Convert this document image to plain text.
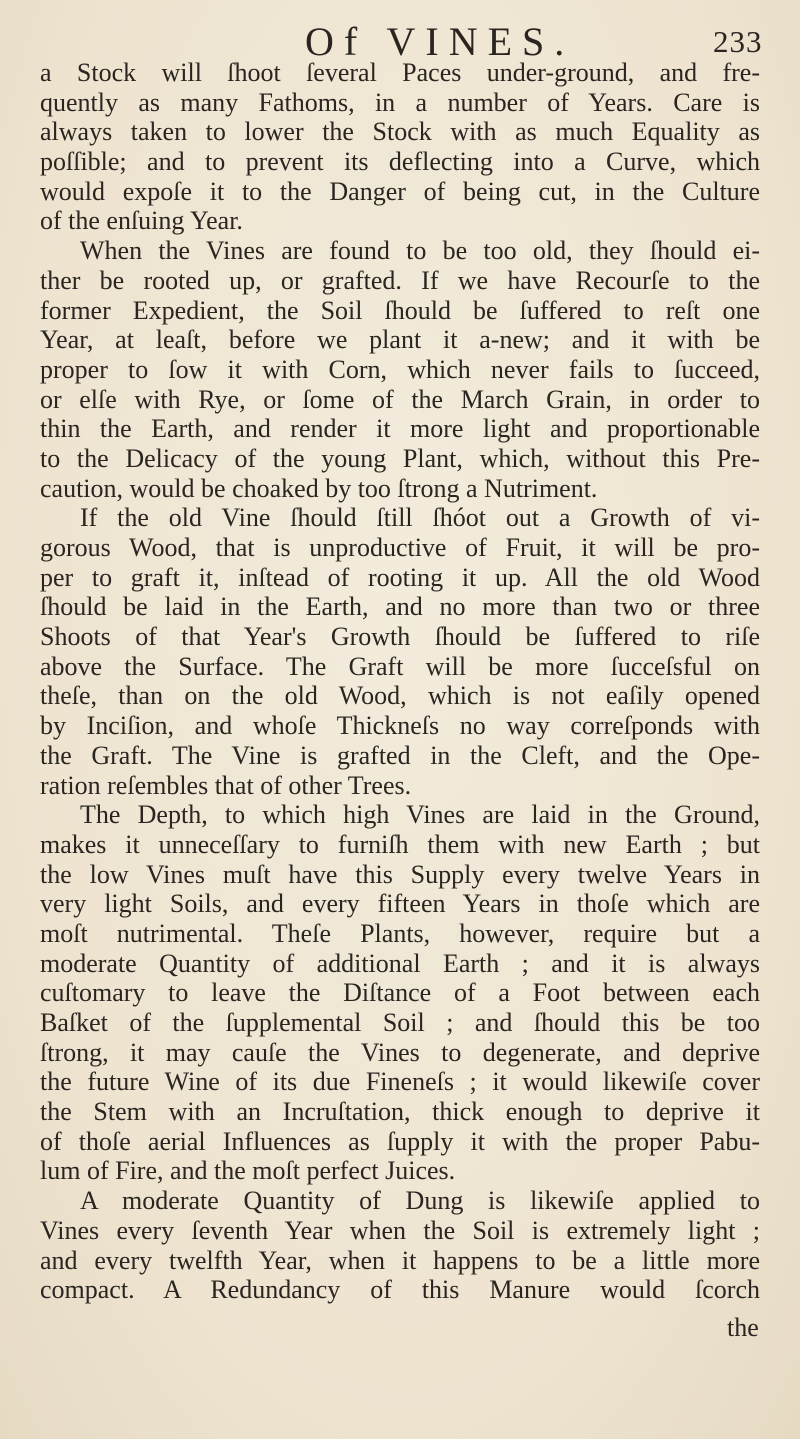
Of VINES.	233
a Stock will ſhoot ſeveral Paces under-ground, and fre-
quently as many Fathoms, in a number of Years. Care is
always taken to lower the Stock with as much Equality as
poſſible; and to prevent its deflecting into a Curve, which
would expoſe it to the Danger of being cut, in the Culture
of the enſuing Year.
When the Vines are found to be too old, they ſhould ei-
ther be rooted up, or grafted. If we have Recourſe to the
former Expedient, the Soil ſhould be ſuffered to reſt one
Year, at leaſt, before we plant it a-new; and it with be
proper to ſow it with Corn, which never fails to ſucceed,
or elſe with Rye, or ſome of the March Grain, in order to
thin the Earth, and render it more light and proportionable
to the Delicacy of the young Plant, which, without this Pre-
caution, would be choaked by too ſtrong a Nutriment.
If the old Vine ſhould ſtill ſhóot out a Growth of vi-
gorous Wood, that is unproductive of Fruit, it will be pro-
per to graft it, inſtead of rooting it up. All the old Wood
ſhould be laid in the Earth, and no more than two or three
Shoots of that Year's Growth ſhould be ſuffered to riſe
above the Surface. The Graft will be more ſucceſsful on
theſe, than on the old Wood, which is not eaſily opened
by Inciſion, and whoſe Thickneſs no way correſponds with
the Graft. The Vine is grafted in the Cleft, and the Ope-
ration reſembles that of other Trees.
The Depth, to which high Vines are laid in the Ground,
makes it unneceſſary to furniſh them with new Earth ; but
the low Vines muſt have this Supply every twelve Years in
very light Soils, and every fifteen Years in thoſe which are
moſt nutrimental. Theſe Plants, however, require but a
moderate Quantity of additional Earth ; and it is always
cuſtomary to leave the Diſtance of a Foot between each
Baſket of the ſupplemental Soil ; and ſhould this be too
ſtrong, it may cauſe the Vines to degenerate, and deprive
the future Wine of its due Fineneſs ; it would likewiſe cover
the Stem with an Incruſtation, thick enough to deprive it
of thoſe aerial Influences as ſupply it with the proper Pabu-
lum of Fire, and the moſt perfect Juices.
A moderate Quantity of Dung is likewiſe applied to
Vines every ſeventh Year when the Soil is extremely light ;
and every twelfth Year, when it happens to be a little more
compact. A Redundancy of this Manure would ſcorch
the
